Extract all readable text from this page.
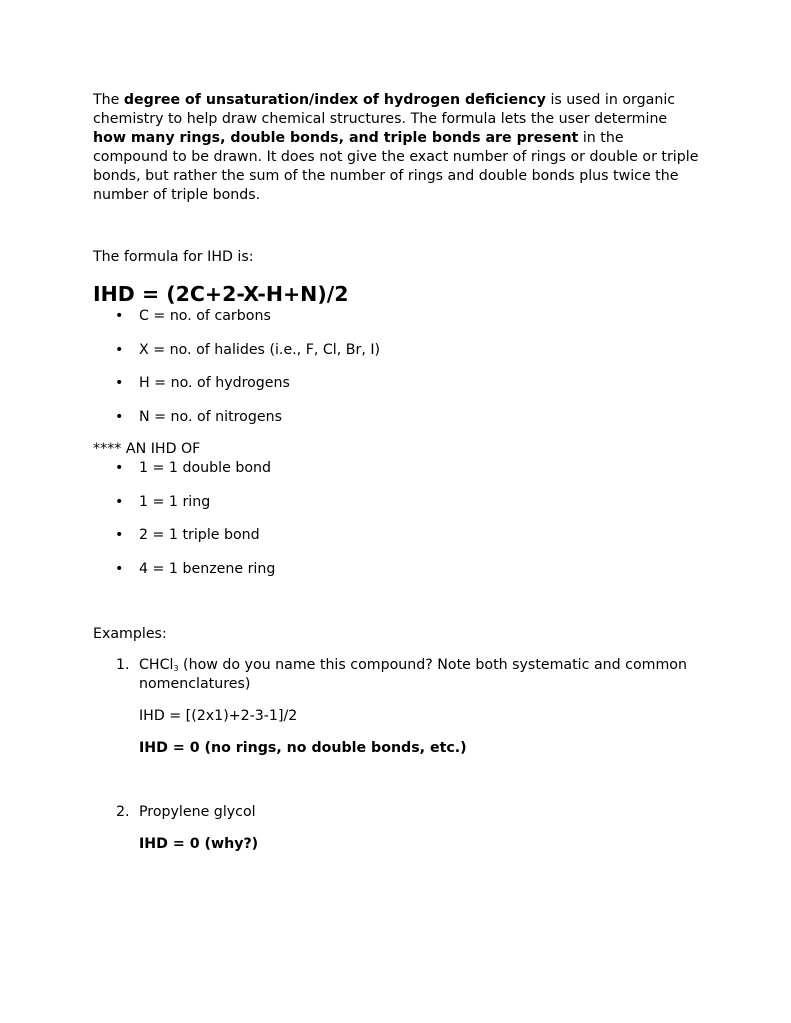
The degree of unsaturation/index of hydrogen deficiency is used in organic chemistry to help draw chemical structures. The formula lets the user determine how many rings, double bonds, and triple bonds are present in the compound to be drawn. It does not give the exact number of rings or double or triple bonds, but rather the sum of the number of rings and double bonds plus twice the number of triple bonds.

The formula for IHD is:

IHD = (2C+2-X-H+N)/2
• C = no. of carbons
• X = no. of halides (i.e., F, Cl, Br, I)
• H = no. of hydrogens
• N = no. of nitrogens

**** AN IHD OF

• 1 = 1 double bond
• 1 = 1 ring
• 2 = 1 triple bond
• 4 = 1 benzene ring

Examples:

1. CHCl$_3$ (how do you name this compound? Note both systematic and common nomenclatures)

IHD = [(2x1)+2-3-1]/2

IHD = 0 (no rings, no double bonds, etc.)

2. Propylene glycol

IHD = 0 (why?)
